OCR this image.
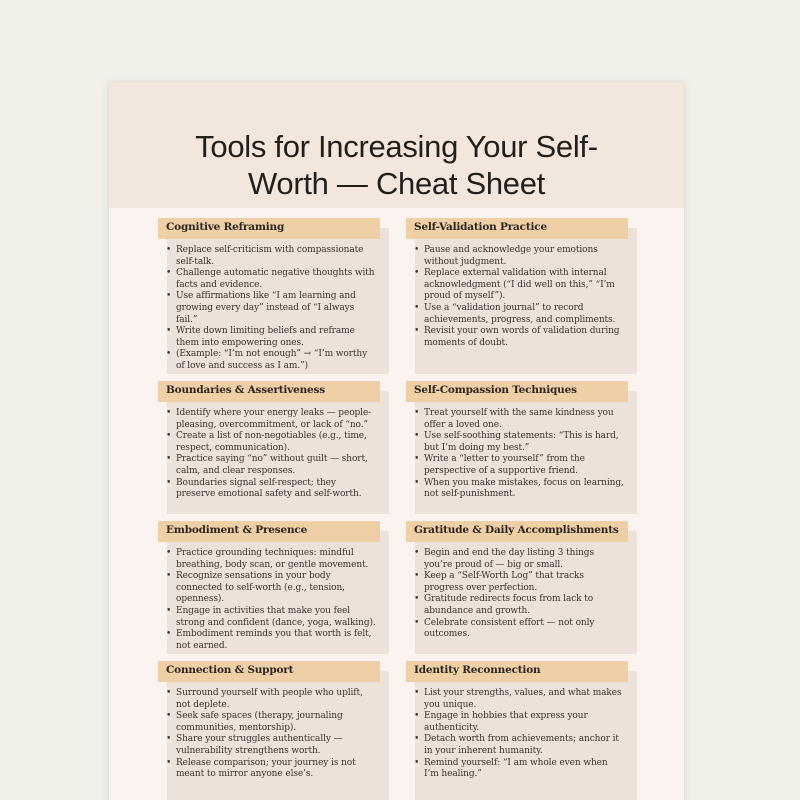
Tools for Increasing Your Self-Worth — Cheat Sheet
Cognitive Reframing
• Replace self-criticism with compassionate self-talk.
• Challenge automatic negative thoughts with facts and evidence.
• Use affirmations like “I am learning and growing every day” instead of “I always fail.”
• Write down limiting beliefs and reframe them into empowering ones.
• (Example: “I’m not enough” → “I’m worthy of love and success as I am.”)
Self-Validation Practice
• Pause and acknowledge your emotions without judgment.
• Replace external validation with internal acknowledgment (“I did well on this,” “I’m proud of myself”).
• Use a “validation journal” to record achievements, progress, and compliments.
• Revisit your own words of validation during moments of doubt.
Boundaries & Assertiveness
• Identify where your energy leaks — people-pleasing, overcommitment, or lack of “no.”
• Create a list of non-negotiables (e.g., time, respect, communication).
• Practice saying “no” without guilt — short, calm, and clear responses.
• Boundaries signal self-respect; they preserve emotional safety and self-worth.
Self-Compassion Techniques
• Treat yourself with the same kindness you offer a loved one.
• Use self-soothing statements: “This is hard, but I’m doing my best.”
• Write a “letter to yourself” from the perspective of a supportive friend.
• When you make mistakes, focus on learning, not self-punishment.
Embodiment & Presence
• Practice grounding techniques: mindful breathing, body scan, or gentle movement.
• Recognize sensations in your body connected to self-worth (e.g., tension, openness).
• Engage in activities that make you feel strong and confident (dance, yoga, walking).
• Embodiment reminds you that worth is felt, not earned.
Gratitude & Daily Accomplishments
• Begin and end the day listing 3 things you’re proud of — big or small.
• Keep a “Self-Worth Log” that tracks progress over perfection.
• Gratitude redirects focus from lack to abundance and growth.
• Celebrate consistent effort — not only outcomes.
Connection & Support
• Surround yourself with people who uplift, not deplete.
• Seek safe spaces (therapy, journaling communities, mentorship).
• Share your struggles authentically — vulnerability strengthens worth.
• Release comparison; your journey is not meant to mirror anyone else’s.
Identity Reconnection
• List your strengths, values, and what makes you unique.
• Engage in hobbies that express your authenticity.
• Detach worth from achievements; anchor it in your inherent humanity.
• Remind yourself: “I am whole even when I’m healing.”
